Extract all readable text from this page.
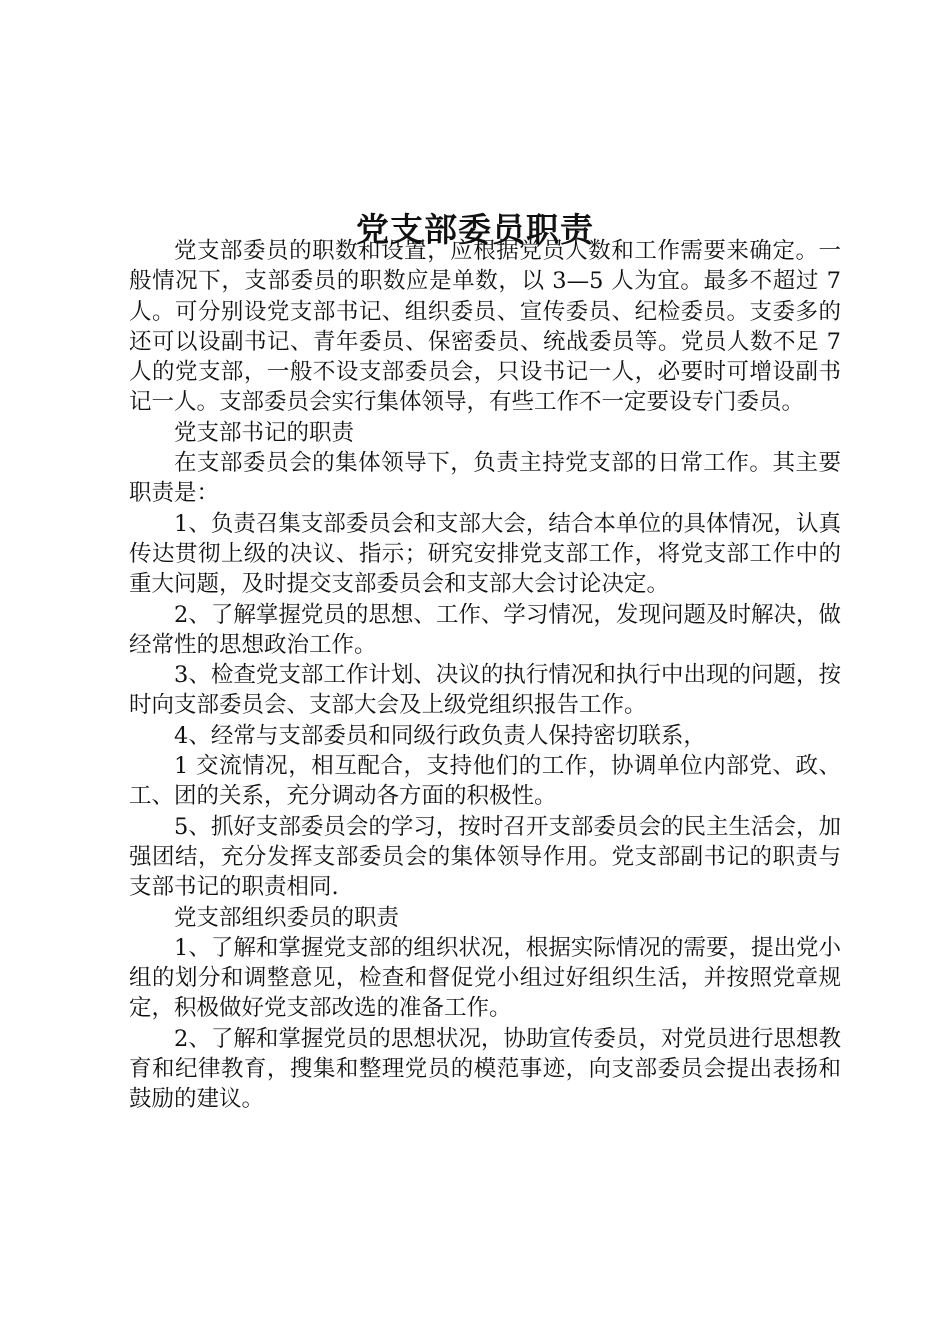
党支部委员职责

党支部委员的职数和设置，应根据党员人数和工作需要来确定。一般情况下，支部委员的职数应是单数，以 3—5 人为宜。最多不超过 7 人。可分别设党支部书记、组织委员、宣传委员、纪检委员。支委多的还可以设副书记、青年委员、保密委员、统战委员等。党员人数不足 7 人的党支部，一般不设支部委员会，只设书记一人，必要时可增设副书记一人。支部委员会实行集体领导，有些工作不一定要设专门委员。

党支部书记的职责

在支部委员会的集体领导下，负责主持党支部的日常工作。其主要职责是：

1、负责召集支部委员会和支部大会，结合本单位的具体情况，认真传达贯彻上级的决议、指示；研究安排党支部工作，将党支部工作中的重大问题，及时提交支部委员会和支部大会讨论决定。

2、了解掌握党员的思想、工作、学习情况，发现问题及时解决，做经常性的思想政治工作。

3、检查党支部工作计划、决议的执行情况和执行中出现的问题，按时向支部委员会、支部大会及上级党组织报告工作。

4、经常与支部委员和同级行政负责人保持密切联系，

1 交流情况，相互配合，支持他们的工作，协调单位内部党、政、工、团的关系，充分调动各方面的积极性。

5、抓好支部委员会的学习，按时召开支部委员会的民主生活会，加强团结，充分发挥支部委员会的集体领导作用。党支部副书记的职责与支部书记的职责相同.

党支部组织委员的职责

1、了解和掌握党支部的组织状况，根据实际情况的需要，提出党小组的划分和调整意见，检查和督促党小组过好组织生活，并按照党章规定，积极做好党支部改选的准备工作。

2、了解和掌握党员的思想状况，协助宣传委员，对党员进行思想教育和纪律教育，搜集和整理党员的模范事迹，向支部委员会提出表扬和鼓励的建议。
